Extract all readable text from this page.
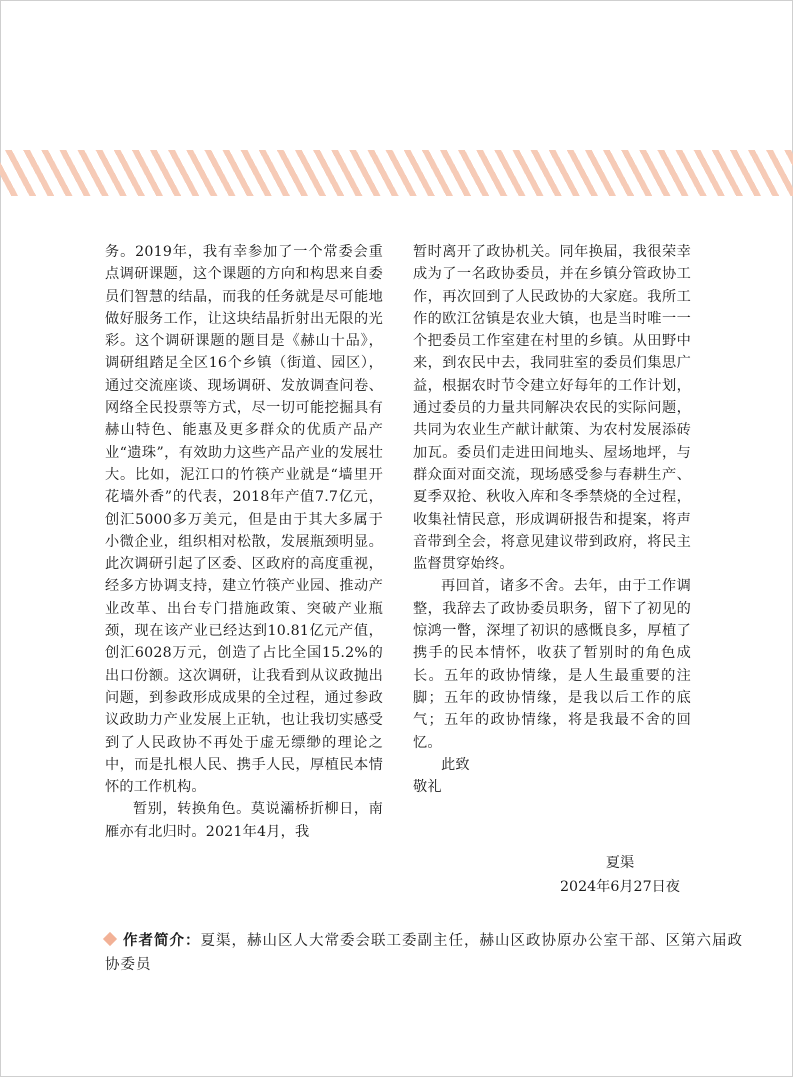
务。2019年，我有幸参加了一个常委会重点调研课题，这个课题的方向和构思来自委员们智慧的结晶，而我的任务就是尽可能地做好服务工作，让这块结晶折射出无限的光彩。这个调研课题的题目是《赫山十品》，调研组踏足全区16个乡镇（街道、园区），通过交流座谈、现场调研、发放调查问卷、网络全民投票等方式，尽一切可能挖掘具有赫山特色、能惠及更多群众的优质产品产业“遗珠”，有效助力这些产品产业的发展壮大。比如，泥江口的竹筷产业就是“墙里开花墙外香”的代表，2018年产值7.7亿元，创汇5000多万美元，但是由于其大多属于小微企业，组织相对松散，发展瓶颈明显。此次调研引起了区委、区政府的高度重视，经多方协调支持，建立竹筷产业园、推动产业改革、出台专门措施政策、突破产业瓶颈，现在该产业已经达到10.81亿元产值，创汇6028万元，创造了占比全国15.2%的出口份额。这次调研，让我看到从议政抛出问题，到参政形成成果的全过程，通过参政议政助力产业发展上正轨，也让我切实感受到了人民政协不再处于虚无缥缈的理论之中，而是扎根人民、携手人民，厚植民本情怀的工作机构。

暂别，转换角色。莫说灞桥折柳日，南雁亦有北归时。2021年4月，我

暂时离开了政协机关。同年换届，我很荣幸成为了一名政协委员，并在乡镇分管政协工作，再次回到了人民政协的大家庭。我所工作的欧江岔镇是农业大镇，也是当时唯一一个把委员工作室建在村里的乡镇。从田野中来，到农民中去，我同驻室的委员们集思广益，根据农时节令建立好每年的工作计划，通过委员的力量共同解决农民的实际问题，共同为农业生产献计献策、为农村发展添砖加瓦。委员们走进田间地头、屋场地坪，与群众面对面交流，现场感受参与春耕生产、夏季双抢、秋收入库和冬季禁烧的全过程，收集社情民意，形成调研报告和提案，将声音带到全会，将意见建议带到政府，将民主监督贯穿始终。

再回首，诸多不舍。去年，由于工作调整，我辞去了政协委员职务，留下了初见的惊鸿一瞥，深埋了初识的感慨良多，厚植了携手的民本情怀，收获了暂别时的角色成长。五年的政协情缘，是人生最重要的注脚；五年的政协情缘，是我以后工作的底气；五年的政协情缘，将是我最不舍的回忆。

此致

敬礼

夏渠
2024年6月27日夜
作者简介：夏渠，赫山区人大常委会联工委副主任，赫山区政协原办公室干部、区第六届政协委员
